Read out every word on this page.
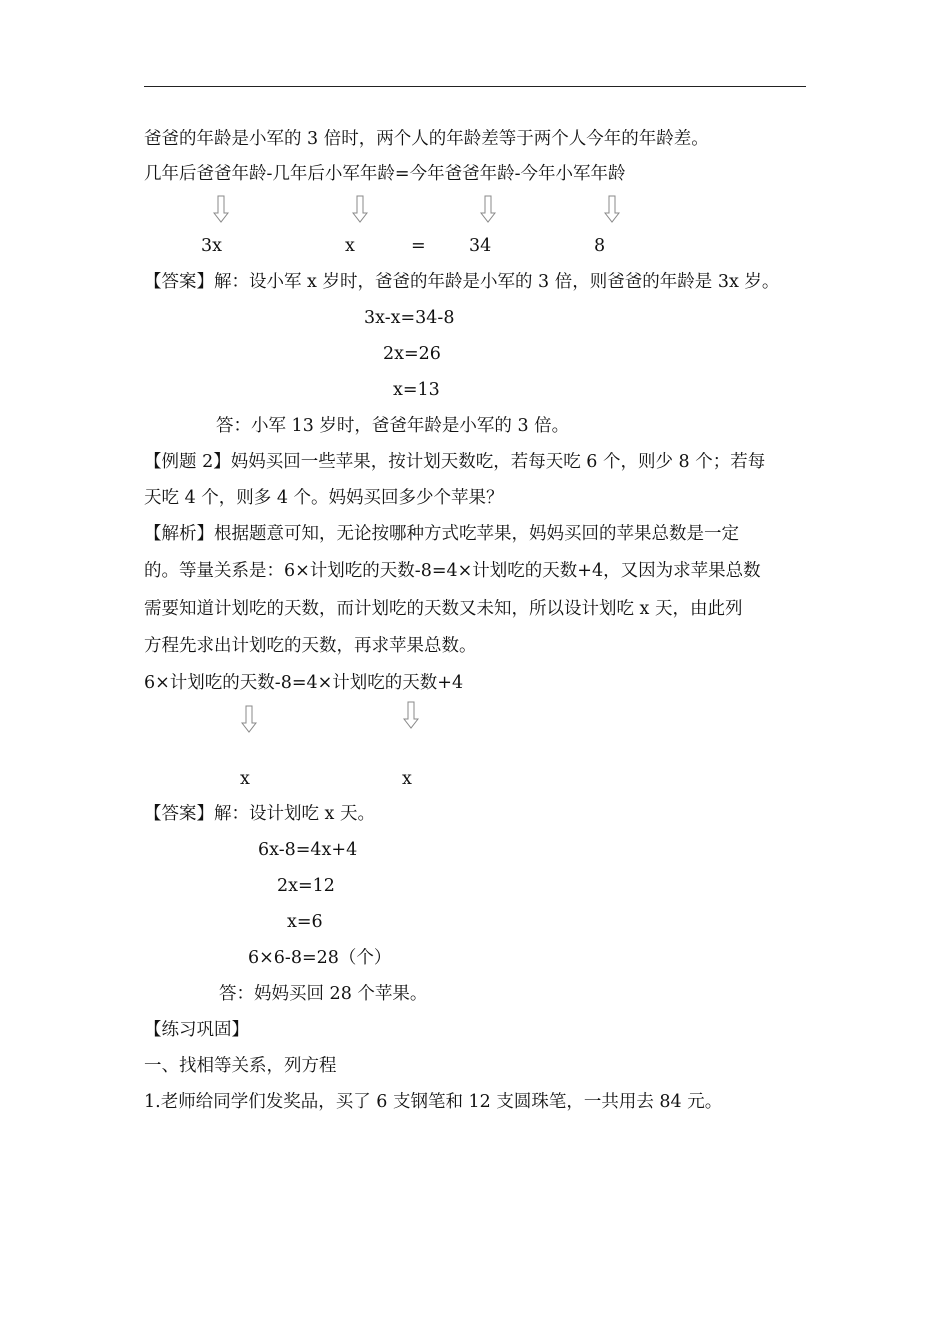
爸爸的年龄是小军的 3 倍时，两个人的年龄差等于两个人今年的年龄差。
几年后爸爸年龄-几年后小军年龄=今年爸爸年龄-今年小军年龄
3x	x	= 34	8
【答案】解：设小军 x 岁时，爸爸的年龄是小军的 3 倍，则爸爸的年龄是 3x 岁。
3x-x=34-8
2x=26
x=13
答：小军 13 岁时，爸爸年龄是小军的 3 倍。
【例题 2】妈妈买回一些苹果，按计划天数吃，若每天吃 6 个，则少 8 个；若每
天吃 4 个，则多 4 个。妈妈买回多少个苹果？
【解析】根据题意可知，无论按哪种方式吃苹果，妈妈买回的苹果总数是一定
的。等量关系是：6×计划吃的天数-8=4×计划吃的天数+4，又因为求苹果总数
需要知道计划吃的天数，而计划吃的天数又未知，所以设计划吃 x 天，由此列
方程先求出计划吃的天数，再求苹果总数。
6×计划吃的天数-8=4×计划吃的天数+4
x	x
【答案】解：设计划吃 x 天。
6x-8=4x+4
2x=12
x=6
6×6-8=28（个）
答：妈妈买回 28 个苹果。
【练习巩固】
一、找相等关系，列方程
1.老师给同学们发奖品，买了 6 支钢笔和 12 支圆珠笔，一共用去 84 元。
